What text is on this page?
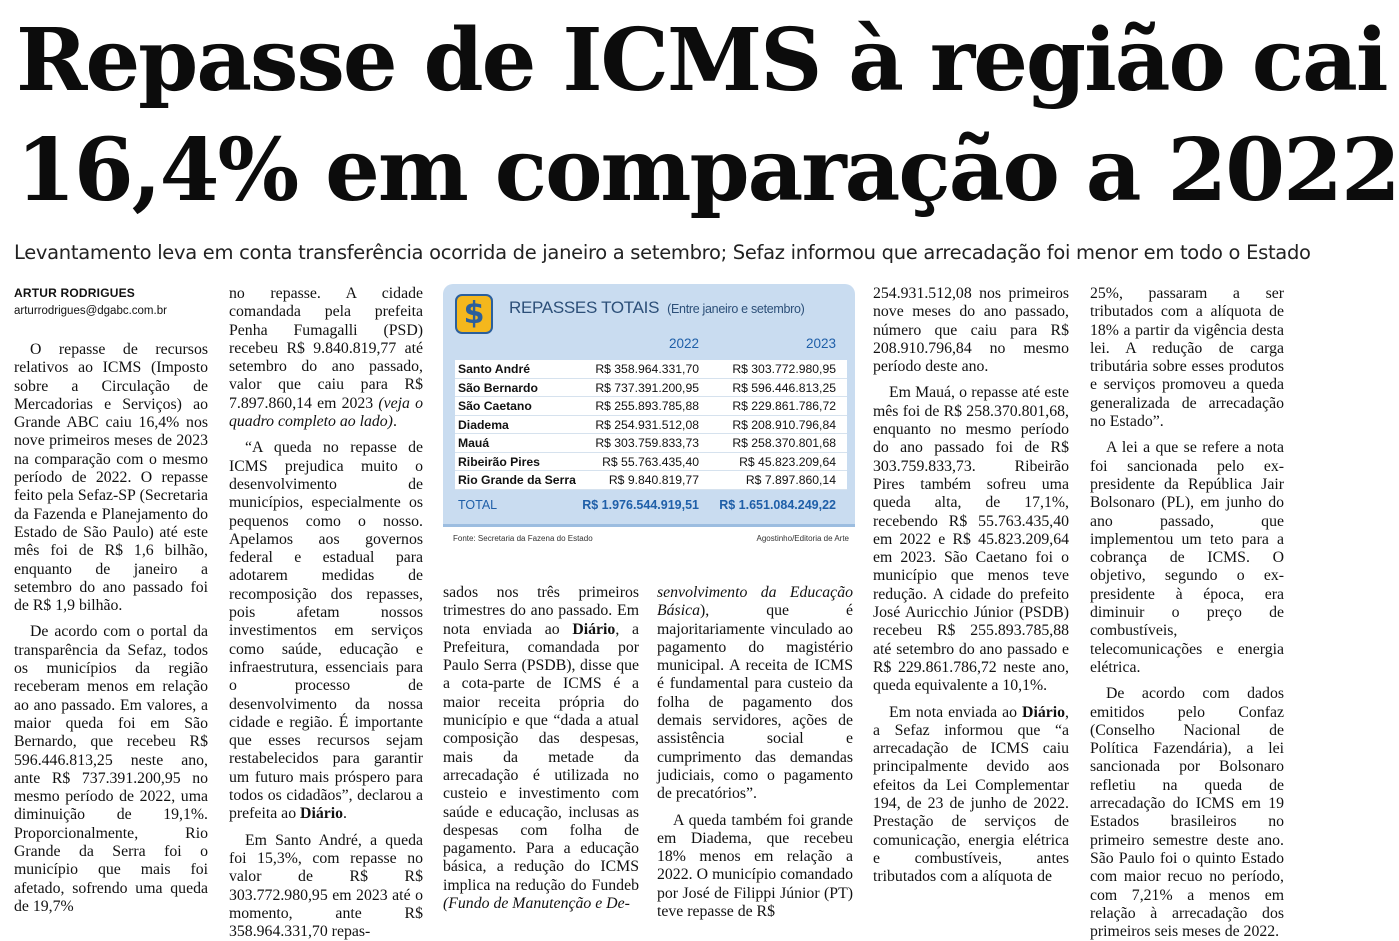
Repasse de ICMS à região cai
16,4% em comparação a 2022
Levantamento leva em conta transferência ocorrida de janeiro a setembro; Sefaz informou que arrecadação foi menor em todo o Estado
ARTUR RODRIGUES
arturrodrigues@dgabc.com.br

O repasse de recursos relativos ao ICMS (Imposto sobre a Circulação de Mercadorias e Serviços) ao Grande ABC caiu 16,4% nos nove primeiros meses de 2023 na comparação com o mesmo período de 2022. O repasse feito pela Sefaz-SP (Secretaria da Fazenda e Planejamento do Estado de São Paulo) até este mês foi de R$ 1,6 bilhão, enquanto de janeiro a setembro do ano passado foi de R$ 1,9 bilhão.

De acordo com o portal da transparência da Sefaz, todos os municípios da região receberam menos em relação ao ano passado. Em valores, a maior queda foi em São Bernardo, que recebeu R$ 596.446.813,25 neste ano, ante R$ 737.391.200,95 no mesmo período de 2022, uma diminuição de 19,1%. Proporcionalmente, Rio Grande da Serra foi o município que mais foi afetado, sofrendo uma queda de 19,7%

no repasse. A cidade comandada pela prefeita Penha Fumagalli (PSD) recebeu R$ 9.840.819,77 até setembro do ano passado, valor que caiu para R$ 7.897.860,14 em 2023 (veja o quadro completo ao lado).

“A queda no repasse de ICMS prejudica muito o desenvolvimento de municípios, especialmente os pequenos como o nosso. Apelamos aos governos federal e estadual para adotarem medidas de recomposição dos repasses, pois afetam nossos investimentos em serviços como saúde, educação e infraestrutura, essenciais para o processo de desenvolvimento da nossa cidade e região. É importante que esses recursos sejam restabelecidos para garantir um futuro mais próspero para todos os cidadãos”, declarou a prefeita ao Diário.

Em Santo André, a queda foi 15,3%, com repasse no valor de R$ R$ 303.772.980,95 em 2023 até o momento, ante R$ 358.964.331,70 repas-

$	REPASSES TOTAIS (Entre janeiro e setembro)
2022	2023
Santo André	R$ 358.964.331,70	R$ 303.772.980,95
São Bernardo	R$ 737.391.200,95	R$ 596.446.813,25
São Caetano	R$ 255.893.785,88	R$ 229.861.786,72
Diadema	R$ 254.931.512,08	R$ 208.910.796,84
Mauá	R$ 303.759.833,73	R$ 258.370.801,68
Ribeirão Pires	R$ 55.763.435,40	R$ 45.823.209,64
Rio Grande da Serra	R$ 9.840.819,77	R$ 7.897.860,14
TOTAL	R$ 1.976.544.919,51 R$ 1.651.084.249,22
Fonte: Secretaria da Fazena do Estado	Agostinho/Editoria de Arte

sados nos três primeiros trimestres do ano passado. Em nota enviada ao Diário, a Prefeitura, comandada por Paulo Serra (PSDB), disse que a cota-parte de ICMS é a maior receita própria do município e que “dada a atual composição das despesas, mais da metade da arrecadação é utilizada no custeio e investimento com saúde e educação, inclusas as despesas com folha de pagamento. Para a educação básica, a redução do ICMS implica na redução do Fundeb (Fundo de Manutenção e De-

senvolvimento da Educação Básica), que é majoritariamente vinculado ao pagamento do magistério municipal. A receita de ICMS é fundamental para custeio da folha de pagamento dos demais servidores, ações de assistência social e cumprimento das demandas judiciais, como o pagamento de precatórios”.

A queda também foi grande em Diadema, que recebeu 18% menos em relação a 2022. O município comandado por José de Filippi Júnior (PT) teve repasse de R$

254.931.512,08 nos primeiros nove meses do ano passado, número que caiu para R$ 208.910.796,84 no mesmo período deste ano.

Em Mauá, o repasse até este mês foi de R$ 258.370.801,68, enquanto no mesmo período do ano passado foi de R$ 303.759.833,73. Ribeirão Pires também sofreu uma queda alta, de 17,1%, recebendo R$ 55.763.435,40 em 2022 e R$ 45.823.209,64 em 2023. São Caetano foi o município que menos teve redução. A cidade do prefeito José Auricchio Júnior (PSDB) recebeu R$ 255.893.785,88 até setembro do ano passado e R$ 229.861.786,72 neste ano, queda equivalente a 10,1%.

Em nota enviada ao Diário, a Sefaz informou que “a arrecadação de ICMS caiu principalmente devido aos efeitos da Lei Complementar 194, de 23 de junho de 2022. Prestação de serviços de comunicação, energia elétrica e combustíveis, antes tributados com a alíquota de

25%, passaram a ser tributados com a alíquota de 18% a partir da vigência desta lei. A redução de carga tributária sobre esses produtos e serviços promoveu a queda generalizada de arrecadação no Estado”.

A lei a que se refere a nota foi sancionada pelo ex-presidente da República Jair Bolsonaro (PL), em junho do ano passado, que implementou um teto para a cobrança de ICMS. O objetivo, segundo o ex-presidente à época, era diminuir o preço de combustíveis, telecomunicações e energia elétrica.

De acordo com dados emitidos pelo Confaz (Conselho Nacional de Política Fazendária), a lei sancionada por Bolsonaro refletiu na queda de arrecadação do ICMS em 19 Estados brasileiros no primeiro semestre deste ano. São Paulo foi o quinto Estado com maior recuo no período, com 7,21% a menos em relação à arrecadação dos primeiros seis meses de 2022.
